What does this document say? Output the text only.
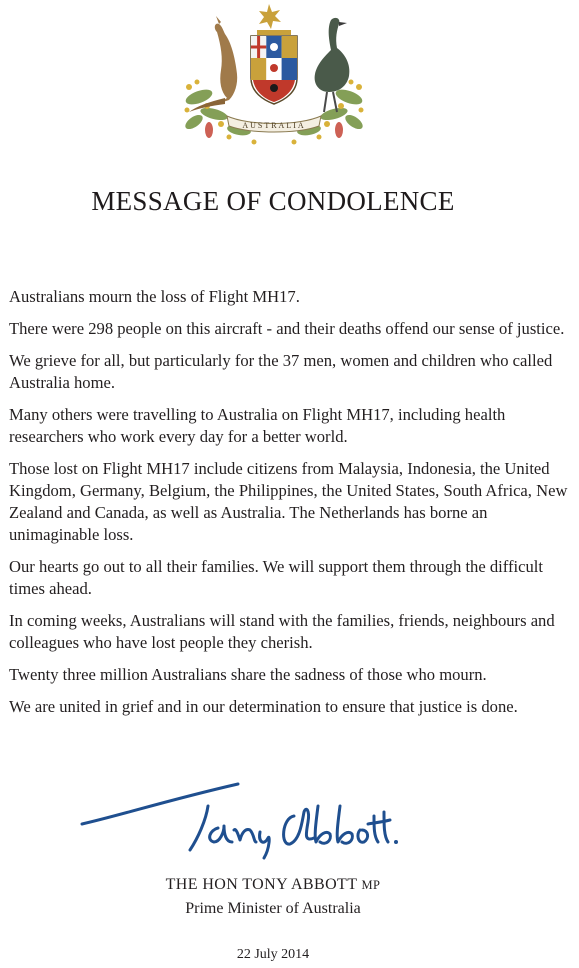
AUSTRALIA
MESSAGE OF CONDOLENCE

Australians mourn the loss of Flight MH17.

There were 298 people on this aircraft - and their deaths offend our sense of justice.

We grieve for all, but particularly for the 37 men, women and children who called Australia home.

Many others were travelling to Australia on Flight MH17, including health researchers who work every day for a better world.

Those lost on Flight MH17 include citizens from Malaysia, Indonesia, the United Kingdom, Germany, Belgium, the Philippines, the United States, South Africa, New Zealand and Canada, as well as Australia. The Netherlands has borne an unimaginable loss.

Our hearts go out to all their families. We will support them through the difficult times ahead.

In coming weeks, Australians will stand with the families, friends, neighbours and colleagues who have lost people they cherish.

Twenty three million Australians share the sadness of those who mourn.

We are united in grief and in our determination to ensure that justice is done.

THE HON TONY ABBOTT MP
Prime Minister of Australia
22 July 2014
